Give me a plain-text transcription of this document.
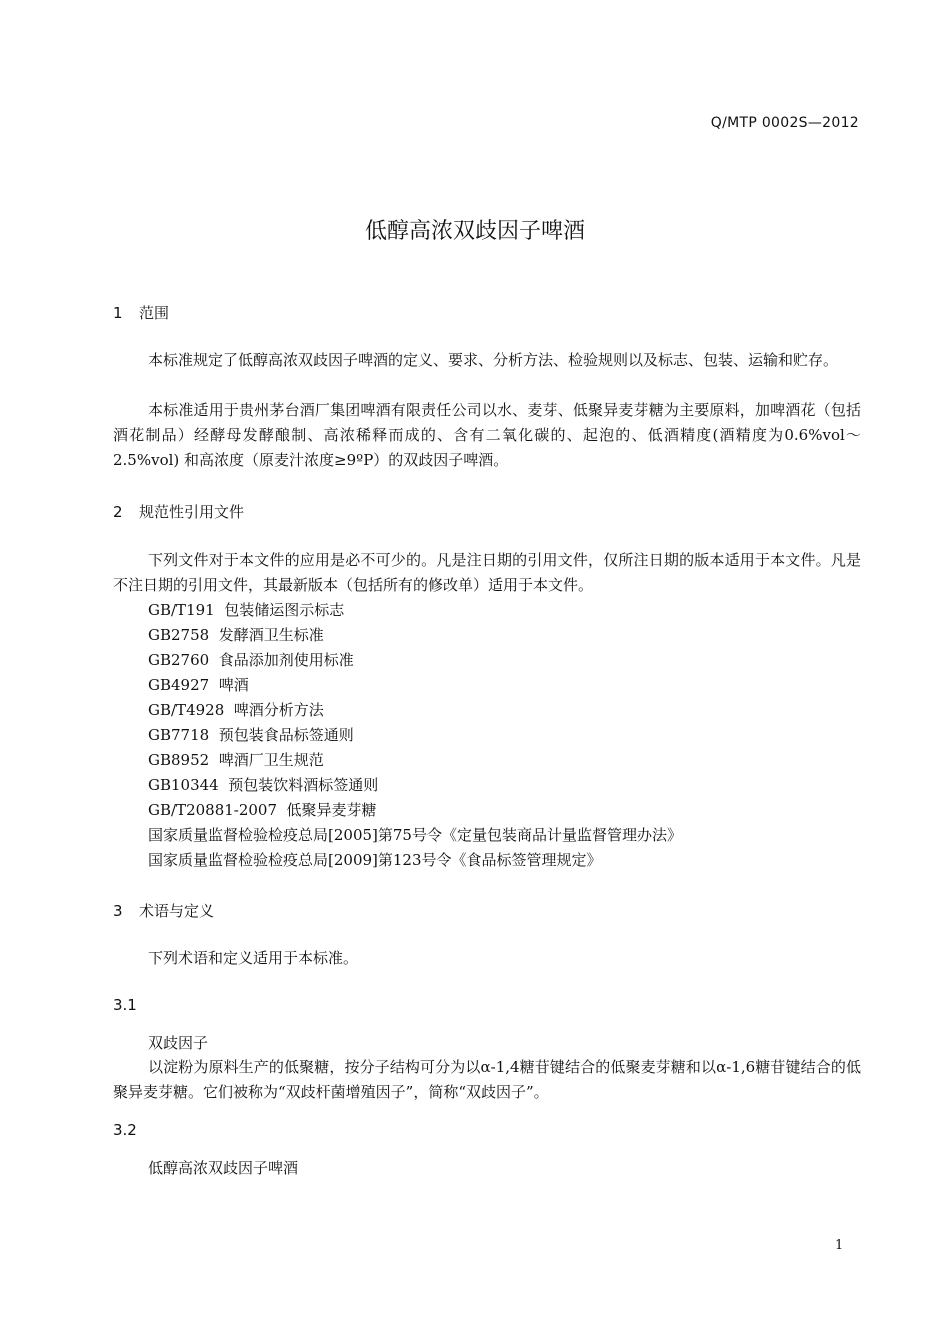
Q/MTP 0002S—2012
低醇高浓双歧因子啤酒
1 范围

本标准规定了低醇高浓双歧因子啤酒的定义、要求、分析方法、检验规则以及标志、包装、运输和贮存。

本标准适用于贵州茅台酒厂集团啤酒有限责任公司以水、麦芽、低聚异麦芽糖为主要原料，加啤酒花（包括酒花制品）经酵母发酵酿制、高浓稀释而成的、含有二氧化碳的、起泡的、低酒精度(酒精度为0.6%vol～ 2.5%vol) 和高浓度（原麦汁浓度≥9ºP）的双歧因子啤酒。

2 规范性引用文件

下列文件对于本文件的应用是必不可少的。凡是注日期的引用文件，仅所注日期的版本适用于本文件。凡是不注日期的引用文件，其最新版本（包括所有的修改单）适用于本文件。

GB/T191  包装储运图示标志
GB2758  发酵酒卫生标准
GB2760  食品添加剂使用标准
GB4927  啤酒
GB/T4928  啤酒分析方法
GB7718  预包装食品标签通则
GB8952  啤酒厂卫生规范
GB10344  预包装饮料酒标签通则
GB/T20881-2007  低聚异麦芽糖
国家质量监督检验检疫总局[2005]第75号令《定量包装商品计量监督管理办法》
国家质量监督检验检疫总局[2009]第123号令《食品标签管理规定》
3 术语与定义

下列术语和定义适用于本标准。

3.1
双歧因子

以淀粉为原料生产的低聚糖，按分子结构可分为以α-1,4糖苷键结合的低聚麦芽糖和以α-1,6糖苷键结合的低聚异麦芽糖。它们被称为“双歧杆菌增殖因子”，简称“双歧因子”。

3.2
低醇高浓双歧因子啤酒
1
